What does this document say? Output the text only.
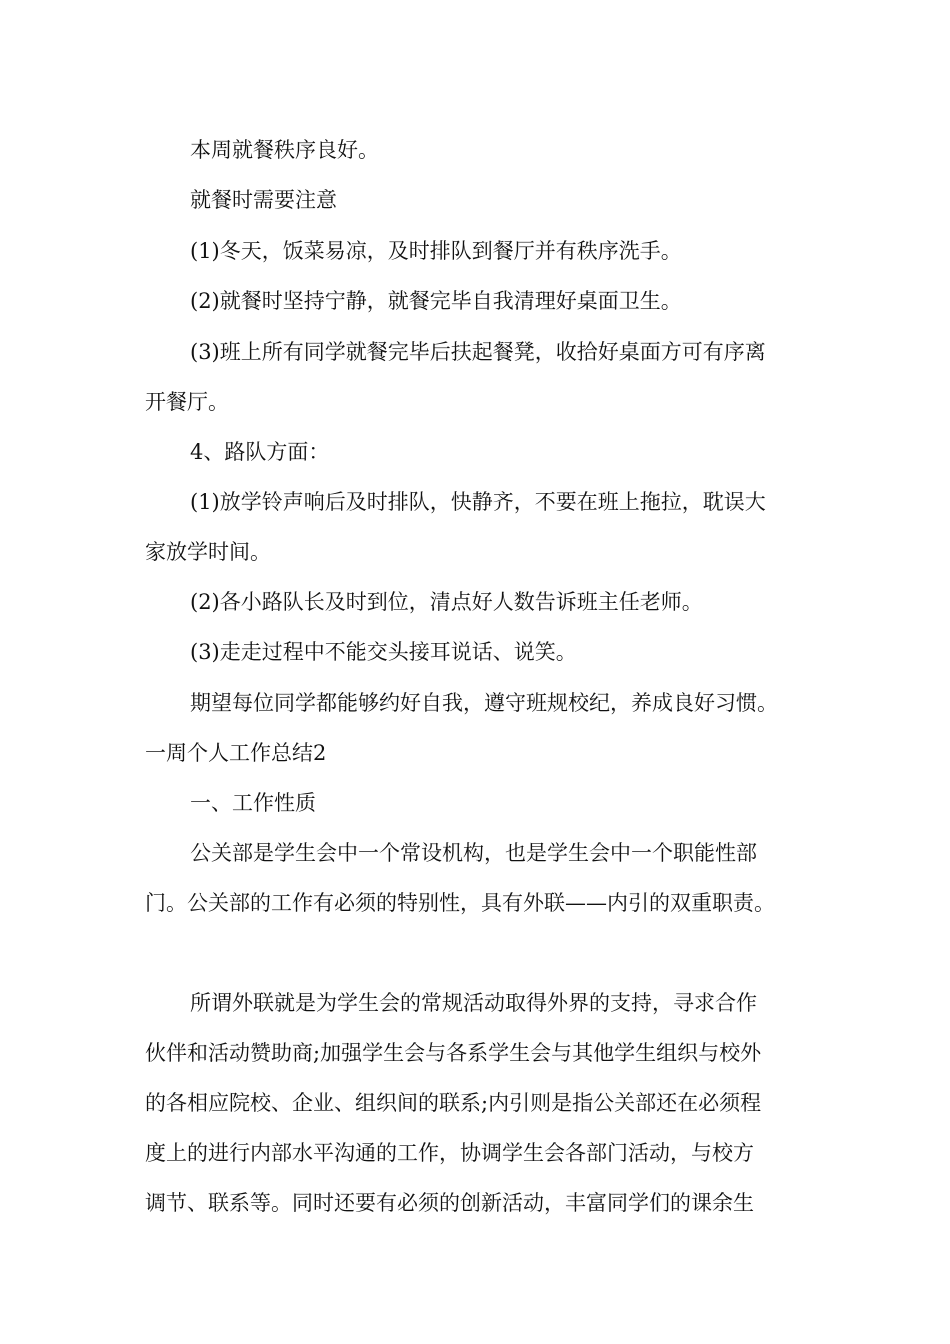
本周就餐秩序良好。
就餐时需要注意
(1)冬天，饭菜易凉，及时排队到餐厅并有秩序洗手。
(2)就餐时坚持宁静，就餐完毕自我清理好桌面卫生。
(3)班上所有同学就餐完毕后扶起餐凳，收拾好桌面方可有序离
开餐厅。
4、路队方面：
(1)放学铃声响后及时排队，快静齐，不要在班上拖拉，耽误大
家放学时间。
(2)各小路队长及时到位，清点好人数告诉班主任老师。
(3)走走过程中不能交头接耳说话、说笑。
期望每位同学都能够约好自我，遵守班规校纪，养成良好习惯。
一周个人工作总结2
一、工作性质
公关部是学生会中一个常设机构，也是学生会中一个职能性部
门。公关部的工作有必须的特别性，具有外联——内引的双重职责。
所谓外联就是为学生会的常规活动取得外界的支持，寻求合作
伙伴和活动赞助商;加强学生会与各系学生会与其他学生组织与校外
的各相应院校、企业、组织间的联系;内引则是指公关部还在必须程
度上的进行内部水平沟通的工作，协调学生会各部门活动，与校方
调节、联系等。同时还要有必须的创新活动，丰富同学们的课余生
